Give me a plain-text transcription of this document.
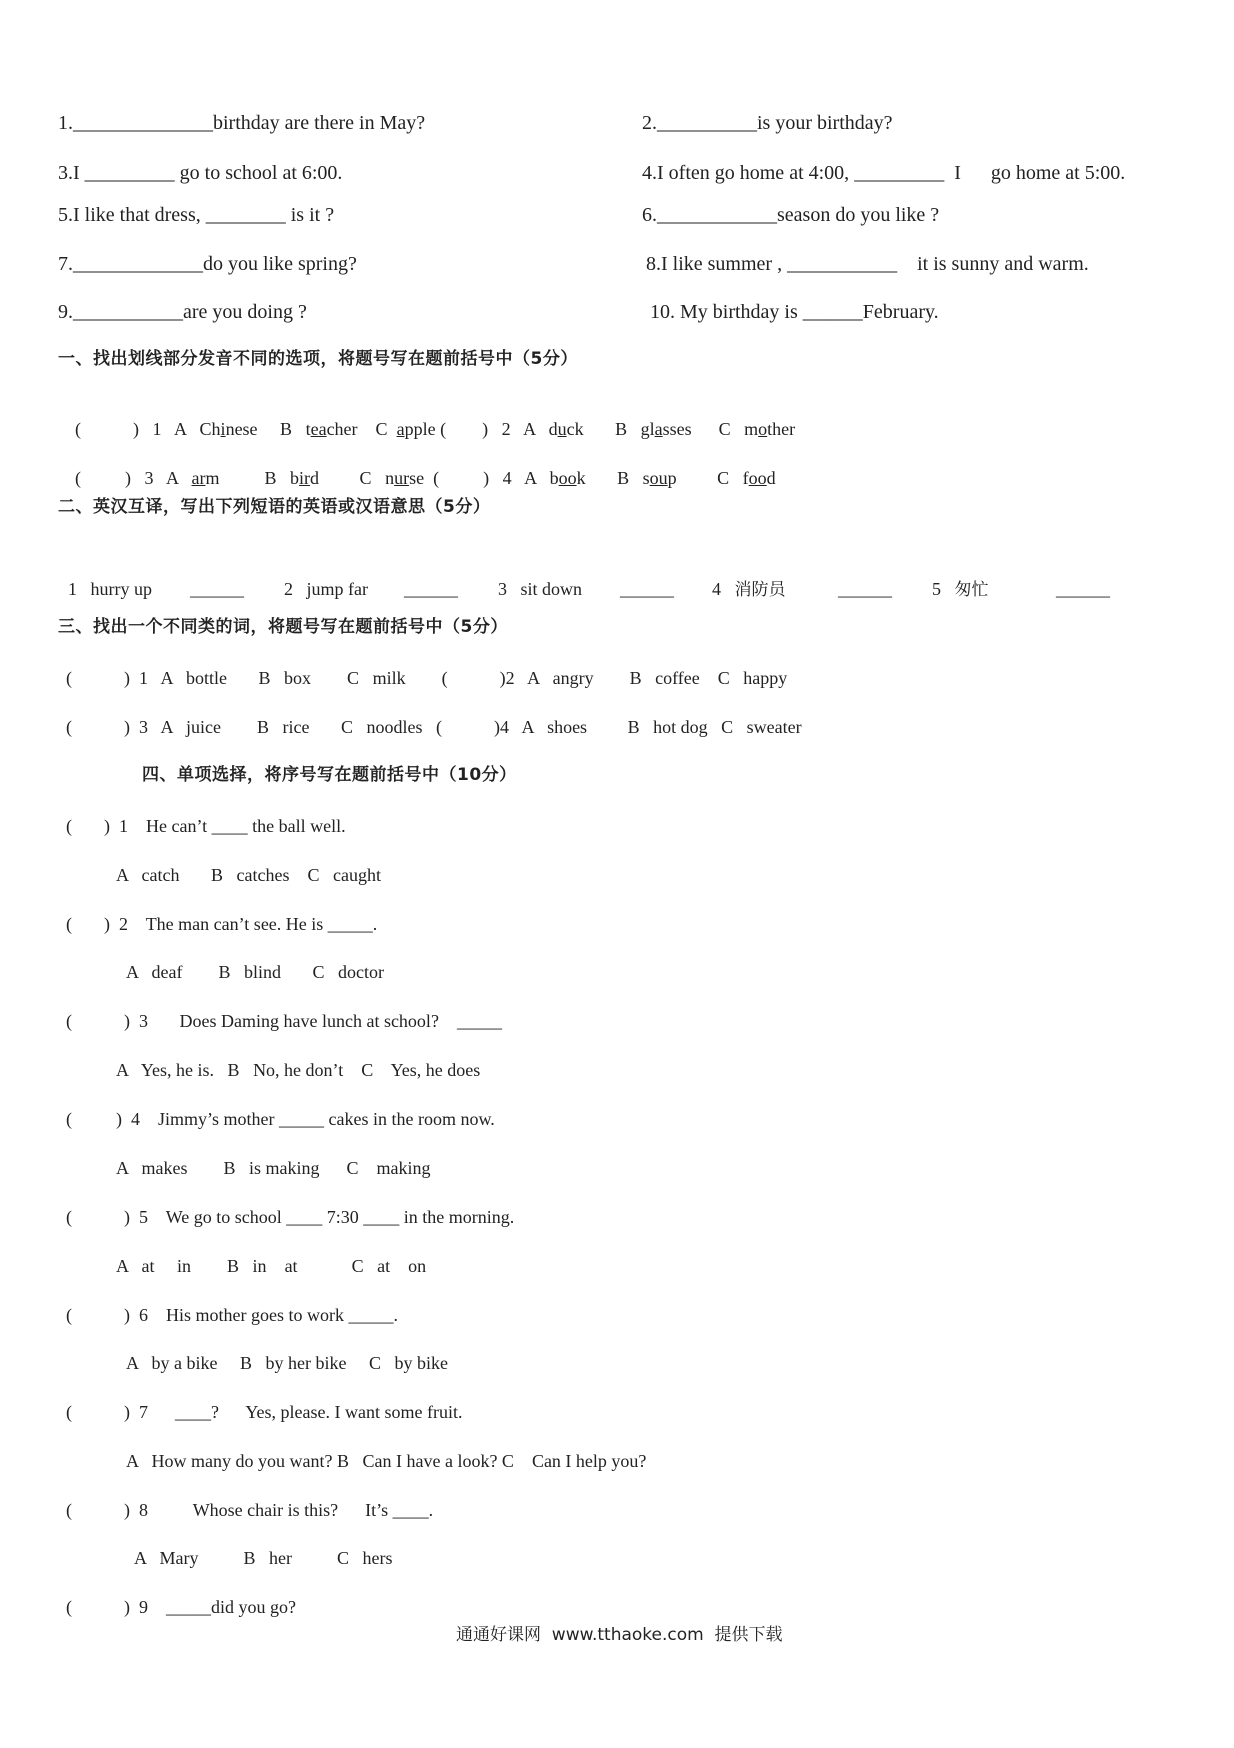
1.______________birthday are there in May?	2.__________is your birthday?
3.I _________ go to school at 6:00.	4.I often go home at 4:00, _________ I go home at 5:00.
5.I like that dress, ________ is it ?	6.____________season do you like ?
7._____________do you like spring?	8.I like summer , ___________ it is sunny and warm.
9.___________are you doing ?	10. My birthday is ______February.
一、找出划线部分发音不同的选项，将题号写在题前括号中（5分）

(	) 1 A Chinese B teacher C apple ( ) 2 A duck B glasses C mother

( ) 3 A arm	B bird C nurse ( ) 4 A book B soup C food

二、英汉互译，写出下列短语的英语或汉语意思（5分）
1 hurry up ______ 2 jump far ______ 3 sit down ______ 4 消防员	______ 5 匆忙	______
三、找出一个不同类的词，将题号写在题前括号中（5分）
(	) 1 A bottle B box C milk (	)2 A angry B coffee C happy
(	) 3 A juice B rice C noodles (	)4 A shoes B hot dog C sweater
四、单项选择，将序号写在题前括号中（10分）
( ) 1 He can’t ____ the ball well.
A catch B catches C caught
( ) 2 The man can’t see. He is _____.
A deaf B blind C doctor
(	) 3 Does Daming have lunch at school? _____
A Yes, he is. B No, he don’t C Yes, he does
( ) 4 Jimmy’s mother _____ cakes in the room now.
A makes B is making C making
(	) 5 We go to school ____ 7:30 ____ in the morning.
A at in B in at	C at on
(	) 6 His mother goes to work _____.
A by a bike B by her bike C by bike
(	) 7 ____? Yes, please. I want some fruit.
A   How many do you want? B Can I have a look? C Can I help you?
(	) 8 Whose chair is this? It’s ____.
A Mary	B her	C hers
(	) 9 _____did you go?
通通好课网  www.tthaoke.com  提供下载
